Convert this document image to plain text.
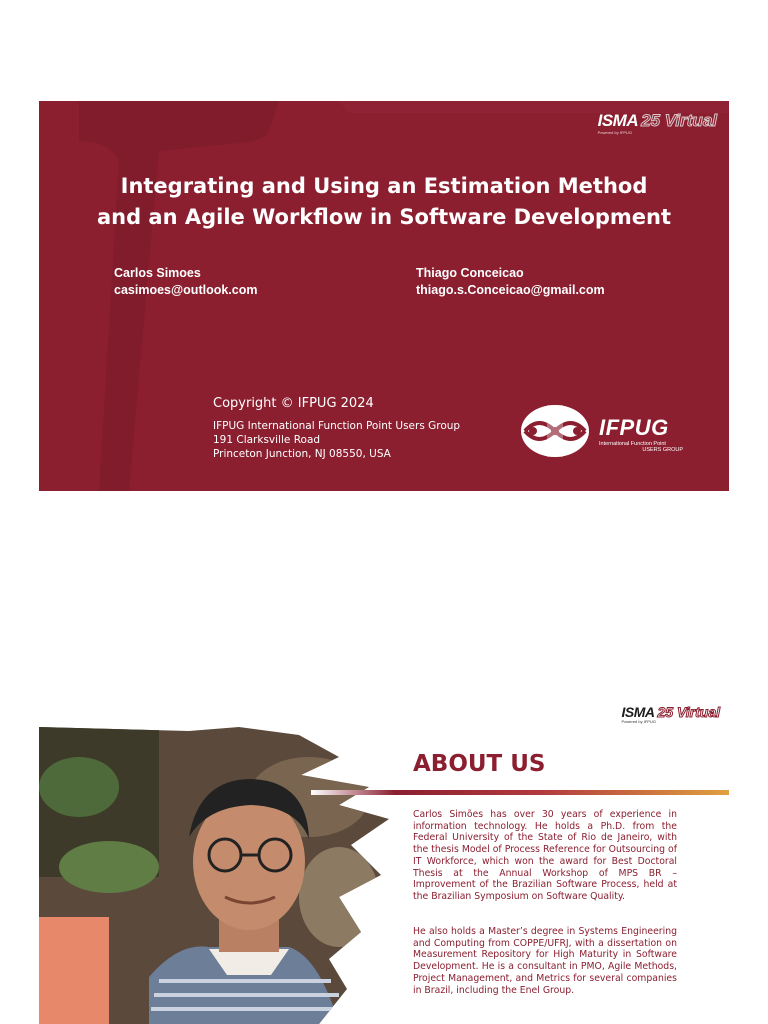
ISMA 25 Virtual
Powered by IFPUG
Integrating and Using an Estimation Method
and an Agile Workflow in Software Development
Carlos Simoes
casimoes@outlook.com
Thiago Conceicao
thiago.s.Conceicao@gmail.com
Copyright © IFPUG 2024
IFPUG International Function Point Users Group
191 Clarksville Road
Princeton Junction, NJ 08550, USA
IFPUG
International Function Point
USERS GROUP
ISMA 25 Virtual
Powered by IFPUG
ABOUT US
Carlos Simões has over 30 years of experience in information technology. He holds a Ph.D. from the Federal University of the State of Rio de Janeiro, with the thesis Model of Process Reference for Outsourcing of IT Workforce, which won the award for Best Doctoral Thesis at the Annual Workshop of MPS BR – Improvement of the Brazilian Software Process, held at the Brazilian Symposium on Software Quality.
He also holds a Master’s degree in Systems Engineering and Computing from COPPE/UFRJ, with a dissertation on Measurement Repository for High Maturity in Software Development. He is a consultant in PMO, Agile Methods, Project Management, and Metrics for several companies in Brazil, including the Enel Group.
